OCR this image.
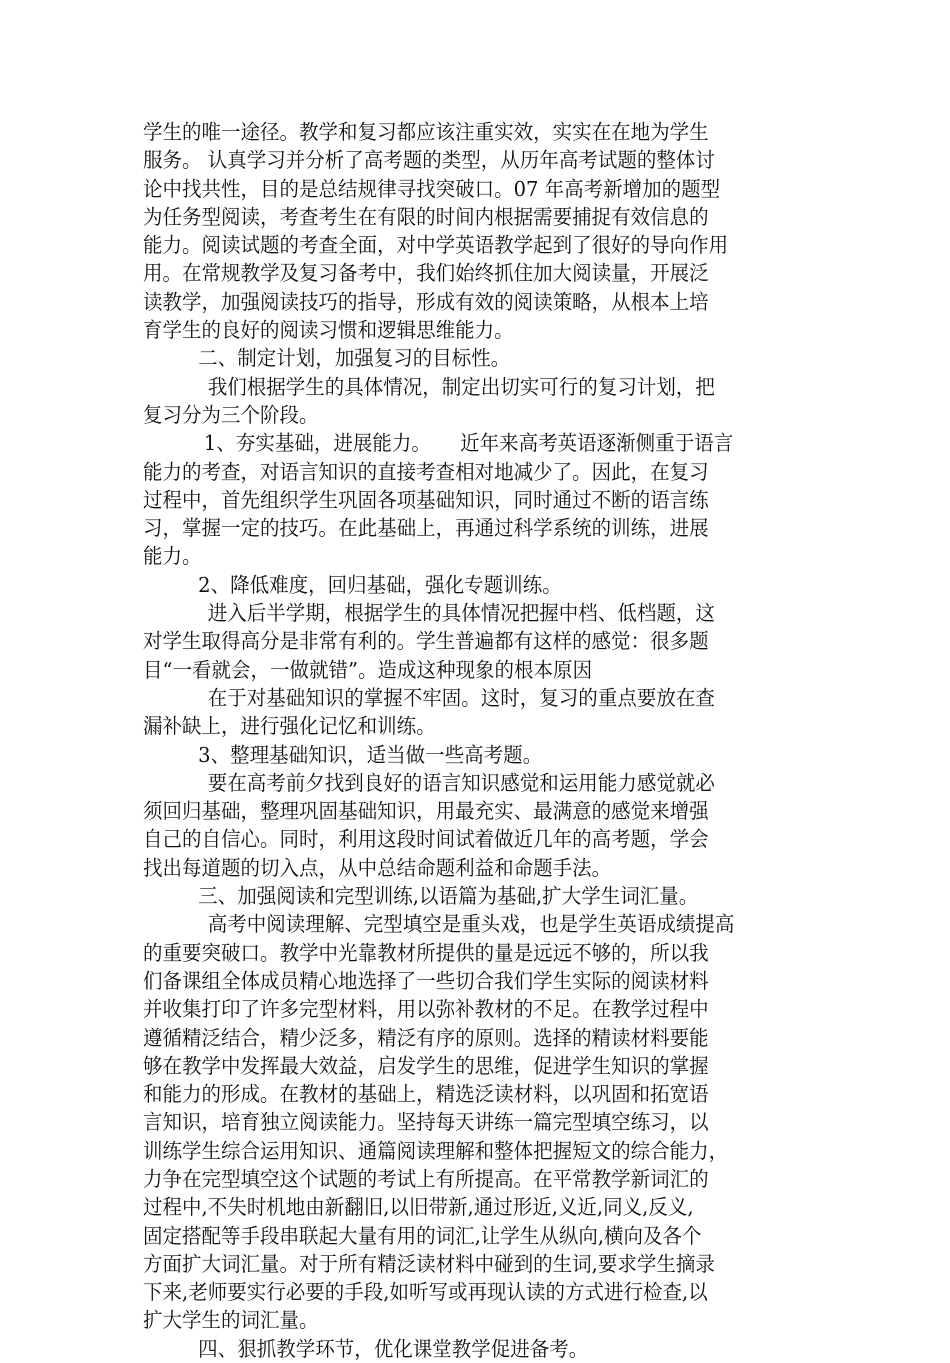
学生的唯一途径。教学和复习都应该注重实效，实实在在地为学生
服务。 认真学习并分析了高考题的类型，从历年高考试题的整体讨
论中找共性，目的是总结规律寻找突破口。07 年高考新增加的题型
为任务型阅读，考查考生在有限的时间内根据需要捕捉有效信息的
能力。阅读试题的考查全面，对中学英语教学起到了很好的导向作用
用。在常规教学及复习备考中，我们始终抓住加大阅读量，开展泛
读教学，加强阅读技巧的指导，形成有效的阅读策略，从根本上培
育学生的良好的阅读习惯和逻辑思维能力。
二、制定计划，加强复习的目标性。
我们根据学生的具体情况，制定出切实可行的复习计划，把
复习分为三个阶段。
1、夯实基础，进展能力。　　近年来高考英语逐渐侧重于语言
能力的考查，对语言知识的直接考查相对地减少了。因此，在复习
过程中，首先组织学生巩固各项基础知识，同时通过不断的语言练
习，掌握一定的技巧。在此基础上，再通过科学系统的训练，进展
能力。
2、降低难度，回归基础，强化专题训练。
进入后半学期，根据学生的具体情况把握中档、低档题，这
对学生取得高分是非常有利的。学生普遍都有这样的感觉：很多题
目“一看就会，一做就错”。造成这种现象的根本原因
在于对基础知识的掌握不牢固。这时，复习的重点要放在查
漏补缺上，进行强化记忆和训练。
3、整理基础知识，适当做一些高考题。
要在高考前夕找到良好的语言知识感觉和运用能力感觉就必
须回归基础，整理巩固基础知识，用最充实、最满意的感觉来增强
自己的自信心。同时，利用这段时间试着做近几年的高考题，学会
找出每道题的切入点，从中总结命题利益和命题手法。
三、加强阅读和完型训练,以语篇为基础,扩大学生词汇量。
高考中阅读理解、完型填空是重头戏，也是学生英语成绩提高
的重要突破口。教学中光靠教材所提供的量是远远不够的，所以我
们备课组全体成员精心地选择了一些切合我们学生实际的阅读材料
并收集打印了许多完型材料，用以弥补教材的不足。在教学过程中
遵循精泛结合，精少泛多，精泛有序的原则。选择的精读材料要能
够在教学中发挥最大效益，启发学生的思维，促进学生知识的掌握
和能力的形成。在教材的基础上，精选泛读材料，以巩固和拓宽语
言知识，培育独立阅读能力。坚持每天讲练一篇完型填空练习，以
训练学生综合运用知识、通篇阅读理解和整体把握短文的综合能力，
力争在完型填空这个试题的考试上有所提高。在平常教学新词汇的
过程中,不失时机地由新翻旧,以旧带新,通过形近,义近,同义,反义,
固定搭配等手段串联起大量有用的词汇,让学生从纵向,横向及各个
方面扩大词汇量。对于所有精泛读材料中碰到的生词,要求学生摘录
下来,老师要实行必要的手段,如听写或再现认读的方式进行检查,以
扩大学生的词汇量。
四、狠抓教学环节，优化课堂教学促进备考。
